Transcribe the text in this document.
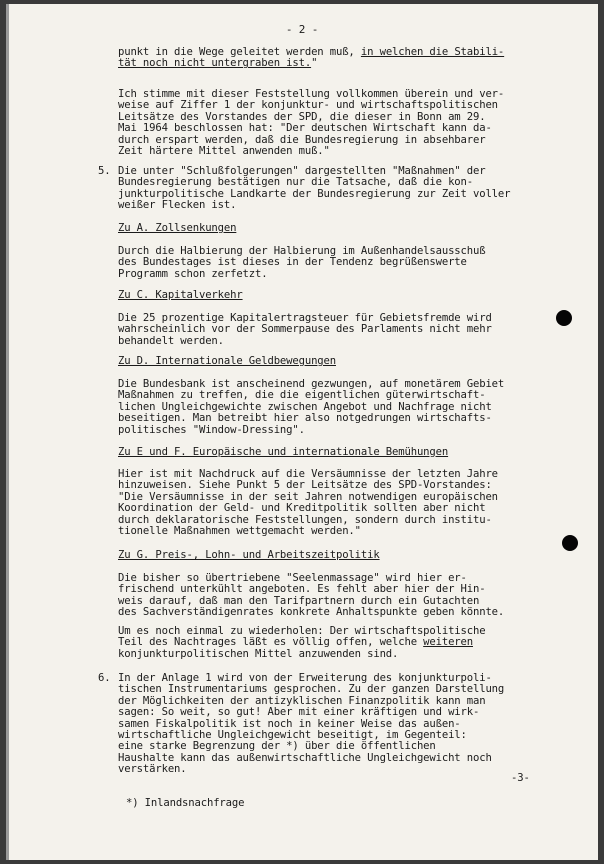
- 2 -
punkt in die Wege geleitet werden muß, in welchen die Stabili-
tät noch nicht untergraben ist."
Ich stimme mit dieser Feststellung vollkommen überein und ver-
weise auf Ziffer 1 der konjunktur- und wirtschaftspolitischen
Leitsätze des Vorstandes der SPD, die dieser in Bonn am 29.
Mai 1964 beschlossen hat: "Der deutschen Wirtschaft kann da-
durch erspart werden, daß die Bundesregierung in absehbarer
Zeit härtere Mittel anwenden muß."
5. Die unter "Schlußfolgerungen" dargestellten "Maßnahmen" der
Bundesregierung bestätigen nur die Tatsache, daß die kon-
junkturpolitische Landkarte der Bundesregierung zur Zeit voller
weißer Flecken ist.
Zu A. Zollsenkungen
Durch die Halbierung der Halbierung im Außenhandelsausschuß
des Bundestages ist dieses in der Tendenz begrüßenswerte
Programm schon zerfetzt.
Zu C. Kapitalverkehr
Die 25 prozentige Kapitalertragsteuer für Gebietsfremde wird
wahrscheinlich vor der Sommerpause des Parlaments nicht mehr
behandelt werden.
Zu D. Internationale Geldbewegungen
Die Bundesbank ist anscheinend gezwungen, auf monetärem Gebiet
Maßnahmen zu treffen, die die eigentlichen güterwirtschaft-
lichen Ungleichgewichte zwischen Angebot und Nachfrage nicht
beseitigen. Man betreibt hier also notgedrungen wirtschafts-
politisches "Window-Dressing".
Zu E und F. Europäische und internationale Bemühungen
Hier ist mit Nachdruck auf die Versäumnisse der letzten Jahre
hinzuweisen. Siehe Punkt 5 der Leitsätze des SPD-Vorstandes:
"Die Versäumnisse in der seit Jahren notwendigen europäischen
Koordination der Geld- und Kreditpolitik sollten aber nicht
durch deklaratorische Feststellungen, sondern durch institu-
tionelle Maßnahmen wettgemacht werden."
Zu G. Preis-, Lohn- und Arbeitszeitpolitik
Die bisher so übertriebene "Seelenmassage" wird hier er-
frischend unterkühlt angeboten. Es fehlt aber hier der Hin-
weis darauf, daß man den Tarifpartnern durch ein Gutachten
des Sachverständigenrates konkrete Anhaltspunkte geben könnte.
Um es noch einmal zu wiederholen: Der wirtschaftspolitische
Teil des Nachtrages läßt es völlig offen, welche weiteren
konjunkturpolitischen Mittel anzuwenden sind.
6. In der Anlage 1 wird von der Erweiterung des konjunkturpoli-
tischen Instrumentariums gesprochen. Zu der ganzen Darstellung
der Möglichkeiten der antizyklischen Finanzpolitik kann man
sagen: So weit, so gut! Aber mit einer kräftigen und wirk-
samen Fiskalpolitik ist noch in keiner Weise das außen-
wirtschaftliche Ungleichgewicht beseitigt, im Gegenteil:
eine starke Begrenzung der *) über die öffentlichen
Haushalte kann das außenwirtschaftliche Ungleichgewicht noch
verstärken.
-3-
*) Inlandsnachfrage
